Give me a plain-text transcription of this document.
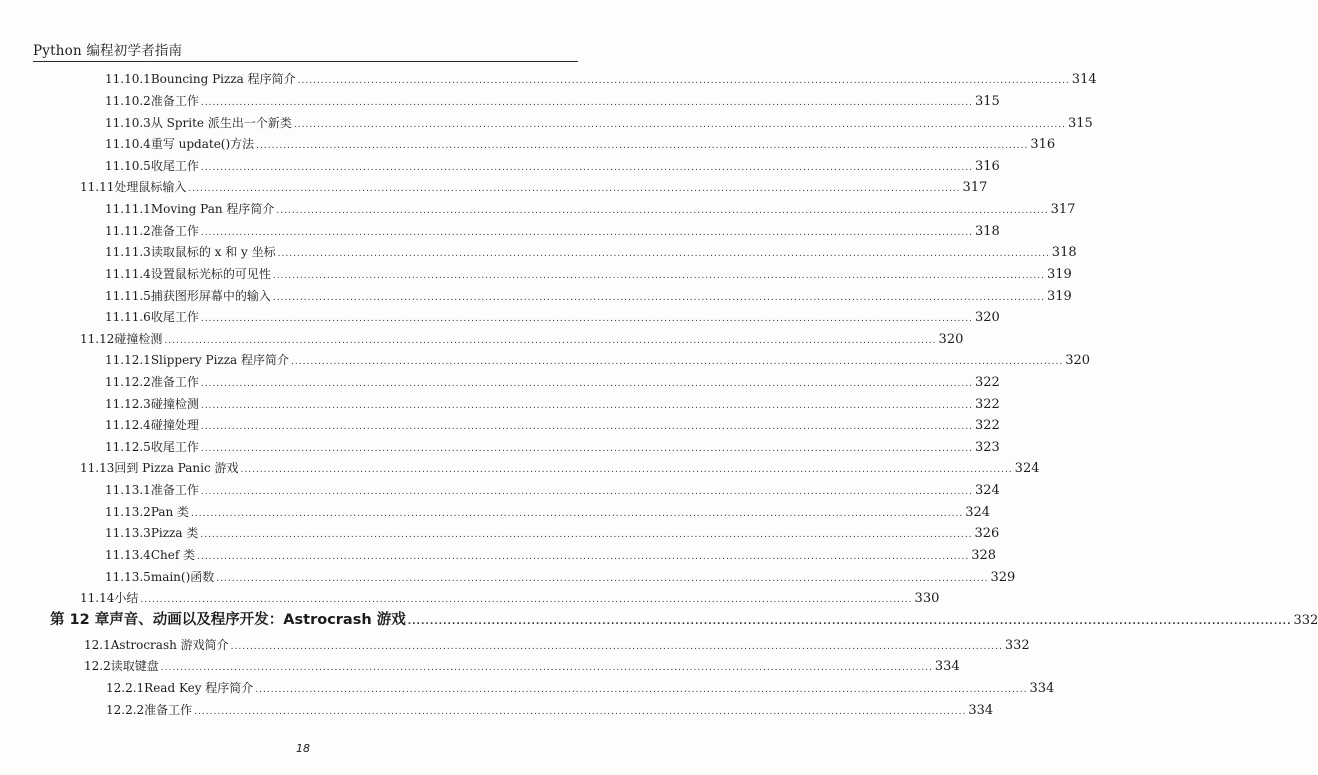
Python 编程初学者指南
11.10.1 Bouncing Pizza 程序简介 ........................................................................................................................................................................................................ 314
11.10.2 准备工作 ........................................................................................................................................................................................................ 315
11.10.3 从 Sprite 派生出一个新类 ........................................................................................................................................................................................................ 315
11.10.4 重写 update()方法 ........................................................................................................................................................................................................ 316
11.10.5 收尾工作 ........................................................................................................................................................................................................ 316
11.11 处理鼠标输入 ........................................................................................................................................................................................................ 317
11.11.1 Moving Pan 程序简介 ........................................................................................................................................................................................................ 317
11.11.2 准备工作 ........................................................................................................................................................................................................ 318
11.11.3 读取鼠标的 x 和 y 坐标 ........................................................................................................................................................................................................ 318
11.11.4 设置鼠标光标的可见性 ........................................................................................................................................................................................................ 319
11.11.5 捕获图形屏幕中的输入 ........................................................................................................................................................................................................ 319
11.11.6 收尾工作 ........................................................................................................................................................................................................ 320
11.12 碰撞检测 ........................................................................................................................................................................................................ 320
11.12.1 Slippery Pizza 程序简介 ........................................................................................................................................................................................................ 320
11.12.2 准备工作 ........................................................................................................................................................................................................ 322
11.12.3 碰撞检测 ........................................................................................................................................................................................................ 322
11.12.4 碰撞处理 ........................................................................................................................................................................................................ 322
11.12.5 收尾工作 ........................................................................................................................................................................................................ 323
11.13 回到 Pizza Panic 游戏 ........................................................................................................................................................................................................ 324
11.13.1 准备工作 ........................................................................................................................................................................................................ 324
11.13.2 Pan 类 ........................................................................................................................................................................................................ 324
11.13.3 Pizza 类 ........................................................................................................................................................................................................ 326
11.13.4 Chef 类 ........................................................................................................................................................................................................ 328
11.13.5 main()函数 ........................................................................................................................................................................................................ 329
11.14 小结 ........................................................................................................................................................................................................ 330
第 12 章 声音、动画以及程序开发：Astrocrash 游戏 ........................................................................................................................................................................................................ 332
12.1 Astrocrash 游戏简介 ........................................................................................................................................................................................................ 332
12.2 读取键盘 ........................................................................................................................................................................................................ 334
12.2.1 Read Key 程序简介 ........................................................................................................................................................................................................ 334
12.2.2 准备工作 ........................................................................................................................................................................................................ 334
18
